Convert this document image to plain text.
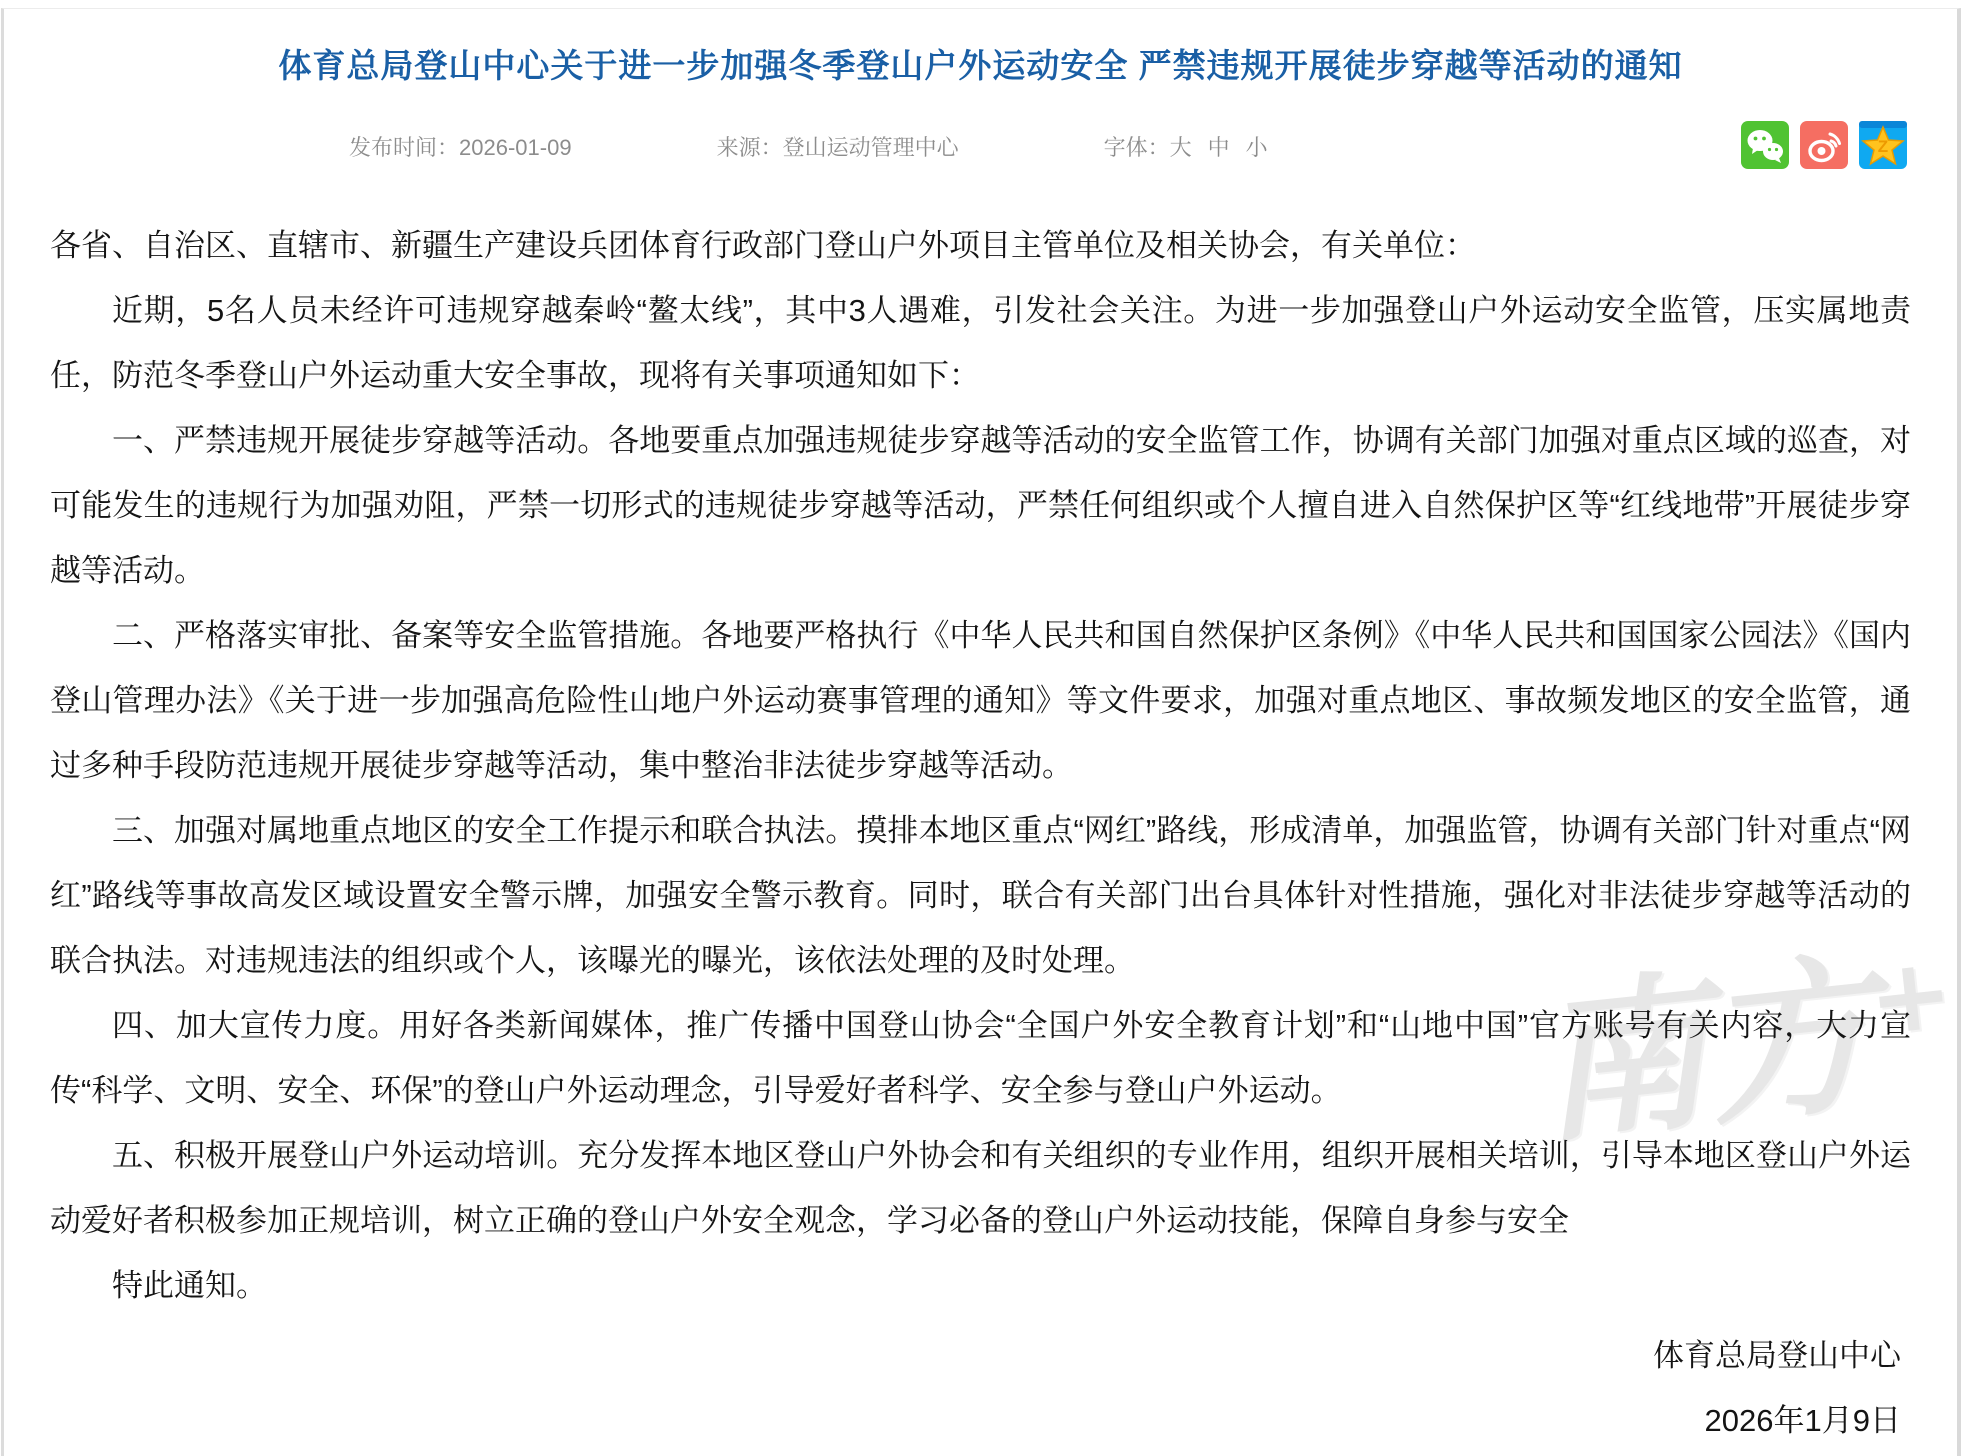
体育总局登山中心关于进一步加强冬季登山户外运动安全 严禁违规开展徒步穿越等活动的通知
发布时间：2026-01-09	来源：登山运动管理中心	字体： 大 中 小	Z

各省、自治区、直辖市、新疆生产建设兵团体育行政部门登山户外项目主管单位及相关协会，有关单位：

近期，5名人员未经许可违规穿越秦岭“鳌太线”，其中3人遇难，引发社会关注。为进一步加强登山户外运动安全监管，压实属地责任，防范冬季登山户外运动重大安全事故，现将有关事项通知如下：

一、严禁违规开展徒步穿越等活动。各地要重点加强违规徒步穿越等活动的安全监管工作，协调有关部门加强对重点区域的巡查，对可能发生的违规行为加强劝阻，严禁一切形式的违规徒步穿越等活动，严禁任何组织或个人擅自进入自然保护区等“红线地带”开展徒步穿越等活动。

二、严格落实审批、备案等安全监管措施。各地要严格执行《中华人民共和国自然保护区条例》《中华人民共和国国家公园法》《国内登山管理办法》《关于进一步加强高危险性山地户外运动赛事管理的通知》等文件要求，加强对重点地区、事故频发地区的安全监管，通过多种手段防范违规开展徒步穿越等活动，集中整治非法徒步穿越等活动。

三、加强对属地重点地区的安全工作提示和联合执法。摸排本地区重点“网红”路线，形成清单，加强监管，协调有关部门针对重点“网红”路线等事故高发区域设置安全警示牌，加强安全警示教育。同时，联合有关部门出台具体针对性措施，强化对非法徒步穿越等活动的联合执法。对违规违法的组织或个人，该曝光的曝光，该依法处理的及时处理。

四、加大宣传力度。用好各类新闻媒体，推广传播中国登山协会“全国户外安全教育计划”和“山地中国”官方账号有关内容，大力宣传“科学、文明、安全、环保”的登山户外运动理念，引导爱好者科学、安全参与登山户外运动。

五、积极开展登山户外运动培训。充分发挥本地区登山户外协会和有关组织的专业作用，组织开展相关培训，引导本地区登山户外运动爱好者积极参加正规培训，树立正确的登山户外安全观念，学习必备的登山户外运动技能，保障自身参与安全

特此通知。

体育总局登山中心

2026年1月9日

南方+
